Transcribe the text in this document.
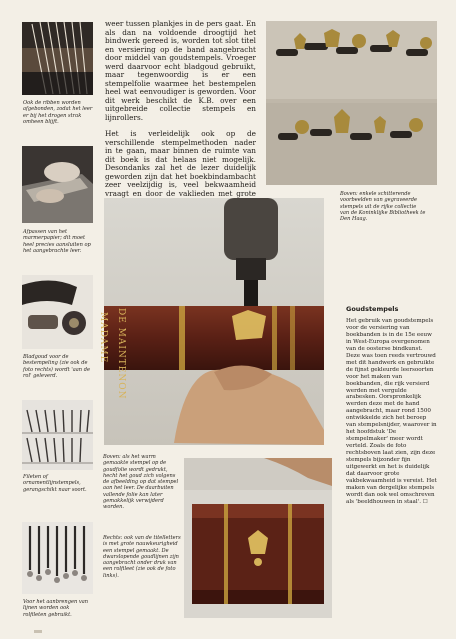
Ook de ribben worden afgebonden, zodat het leer er bij het drogen strak omheen blijft.
Afpassen van het marmerpapier; dit moet heel precies aansluiten op het aangebrachte leer.
Bladgoud voor de bestempeling (zie ook de foto rechts) wordt 'aan de rol' geleverd.
Fileten of ornamentlijnstempels, gerangschikt naar soort.
Voor het aanbrengen van lijnen worden ook rolfileten gebruikt.

weer tussen plankjes in de pers gaat. En als dan na voldoende droogtijd het bindwerk gereed is, worden tot slot titel en versiering op de band aangebracht door middel van goudstempels. Vroeger werd daarvoor echt bladgoud gebruikt, maar tegenwoordig is er een stempelfolie waarmee het bestempelen heel wat eenvoudiger is geworden. Voor dit werk beschikt de K.B. over een uitgebreide collectie stempels en lijnrollers.

Het is verleidelijk ook op de verschillende stempelmethoden nader in te gaan, maar binnen de ruimte van dit boek is dat helaas niet mogelijk. Desondanks zal het de lezer duidelijk geworden zijn dat het boekbindambacht zeer veelzijdig is, veel bekwaamheid vraagt en door de vaklieden met grote	Boven: enkele schitterende voorbeelden van gegraveerde stempels uit de rijke collectie van de Koninklijke Bibliotheek te Den Haag.
MADAME DE MAINTENON
Boven: als het warm gemaakte stempel op de goudfolie wordt gedrukt, hecht het goud zich volgens de afbeelding op dat stempel aan het leer. De daarbuiten vallende folie kan later gemakkelijk verwijderd worden.
Rechts: ook van de titelletters is met grote nauwkeurigheid een stempel gemaakt. De dwarslopende goudlijnen zijn aangebracht onder druk van een rolfileet (zie ook de foto links).
Goudstempels
Het gebruik van goudstempels voor de versiering van boekbanden is in de 15e eeuw in West-Europa overgenomen van de oosterse bindkunst. Deze was toen reeds vertrouwd met dit handwerk en gebruikte de fijnst gekleurde leersoorten voor het maken van boekbanden, die rijk versierd werden met vergulde arabesken. Oorspronkelijk werden deze met de hand aangebracht, maar rond 1500 ontwikkelde zich het beroep van stempelsnijder, waarover in het hoofdstuk 'De stempelmaker' meer wordt verteld. Zoals de foto rechtsboven laat zien, zijn deze stempels bijzonder fijn uitgewerkt en het is duidelijk dat daarvoor grote vakbekwaamheid is vereist. Het maken van dergelijke stempels wordt dan ook wel omschreven als 'beeldhouwen in staal'. ☐
